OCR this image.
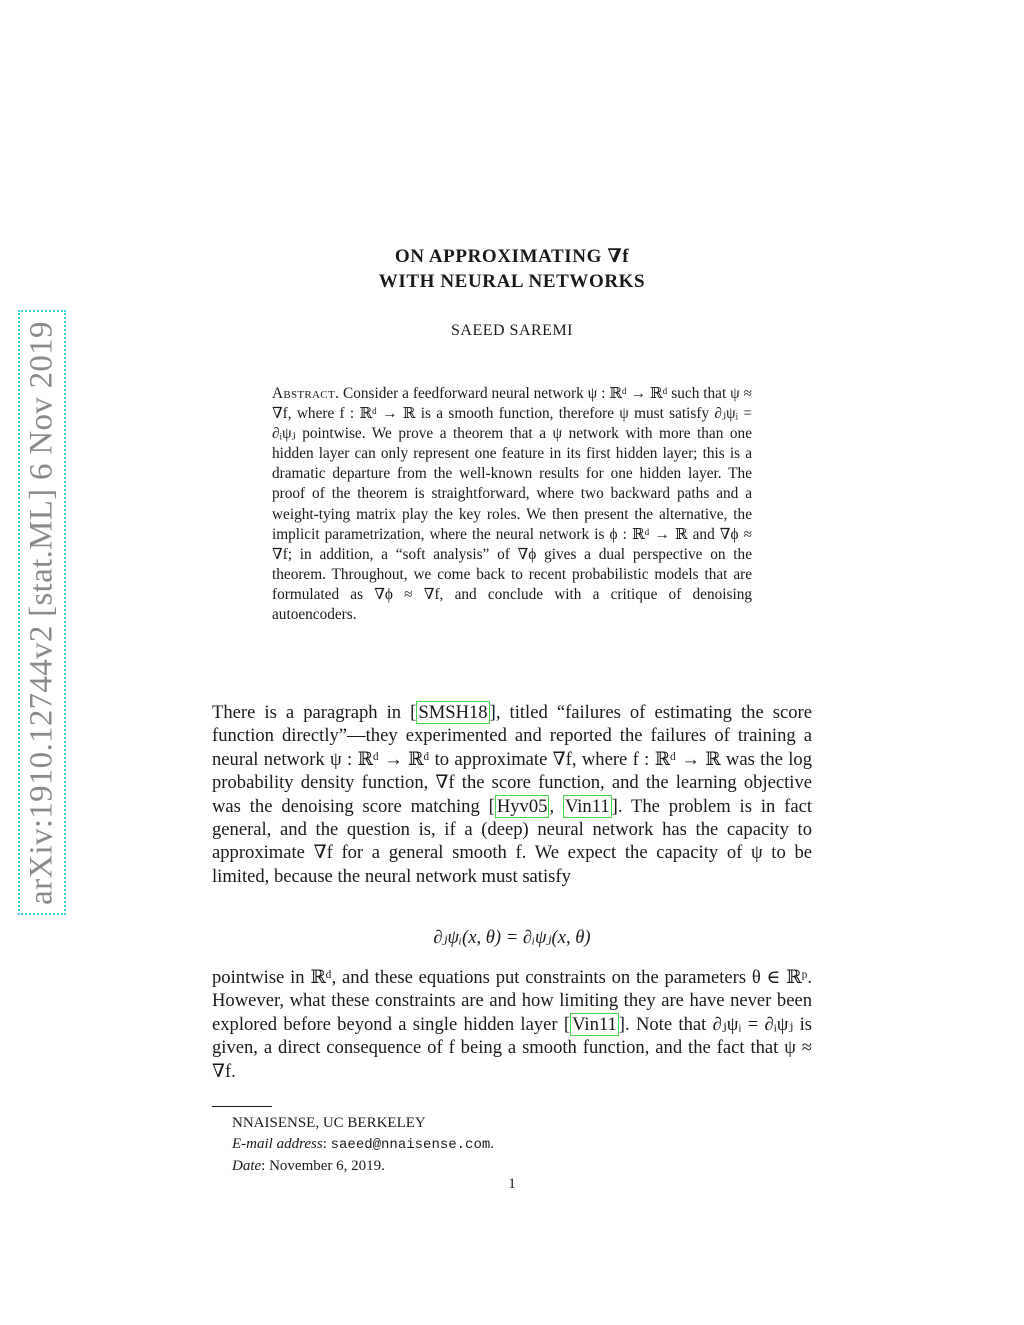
arXiv:1910.12744v2 [stat.ML] 6 Nov 2019
ON APPROXIMATING ∇f
WITH NEURAL NETWORKS
SAEED SAREMI
Abstract. Consider a feedforward neural network ψ : ℝᵈ → ℝᵈ such that ψ ≈ ∇f, where f : ℝᵈ → ℝ is a smooth function, therefore ψ must satisfy ∂ⱼψᵢ = ∂ᵢψⱼ pointwise. We prove a theorem that a ψ network with more than one hidden layer can only represent one feature in its first hidden layer; this is a dramatic departure from the well-known results for one hidden layer. The proof of the theorem is straightforward, where two backward paths and a weight-tying matrix play the key roles. We then present the alternative, the implicit parametrization, where the neural network is ϕ : ℝᵈ → ℝ and ∇ϕ ≈ ∇f; in addition, a “soft analysis” of ∇ϕ gives a dual perspective on the theorem. Throughout, we come back to recent probabilistic models that are formulated as ∇ϕ ≈ ∇f, and conclude with a critique of denoising autoencoders.
There is a paragraph in [ SMSH18 ], titled “failures of estimating the score function directly”—they experimented and reported the failures of training a neural network ψ : ℝᵈ → ℝᵈ to approximate ∇f, where f : ℝᵈ → ℝ was the log probability density function, ∇f the score function, and the learning objective was the denoising score matching [ Hyv05 , Vin11 ]. The problem is in fact general, and the question is, if a (deep) neural network has the capacity to approximate ∇f for a general smooth f. We expect the capacity of ψ to be limited, because the neural network must satisfy
∂ⱼψᵢ(x, θ) = ∂ᵢψⱼ(x, θ)
pointwise in ℝᵈ, and these equations put constraints on the parameters θ ∈ ℝᵖ. However, what these constraints are and how limiting they are have never been explored before beyond a single hidden layer [ Vin11 ]. Note that ∂ⱼψᵢ = ∂ᵢψⱼ is given, a direct consequence of f being a smooth function, and the fact that ψ ≈ ∇f.
NNAISENSE, UC BERKELEY
E-mail address: saeed@nnaisense.com.
Date: November 6, 2019.
1
